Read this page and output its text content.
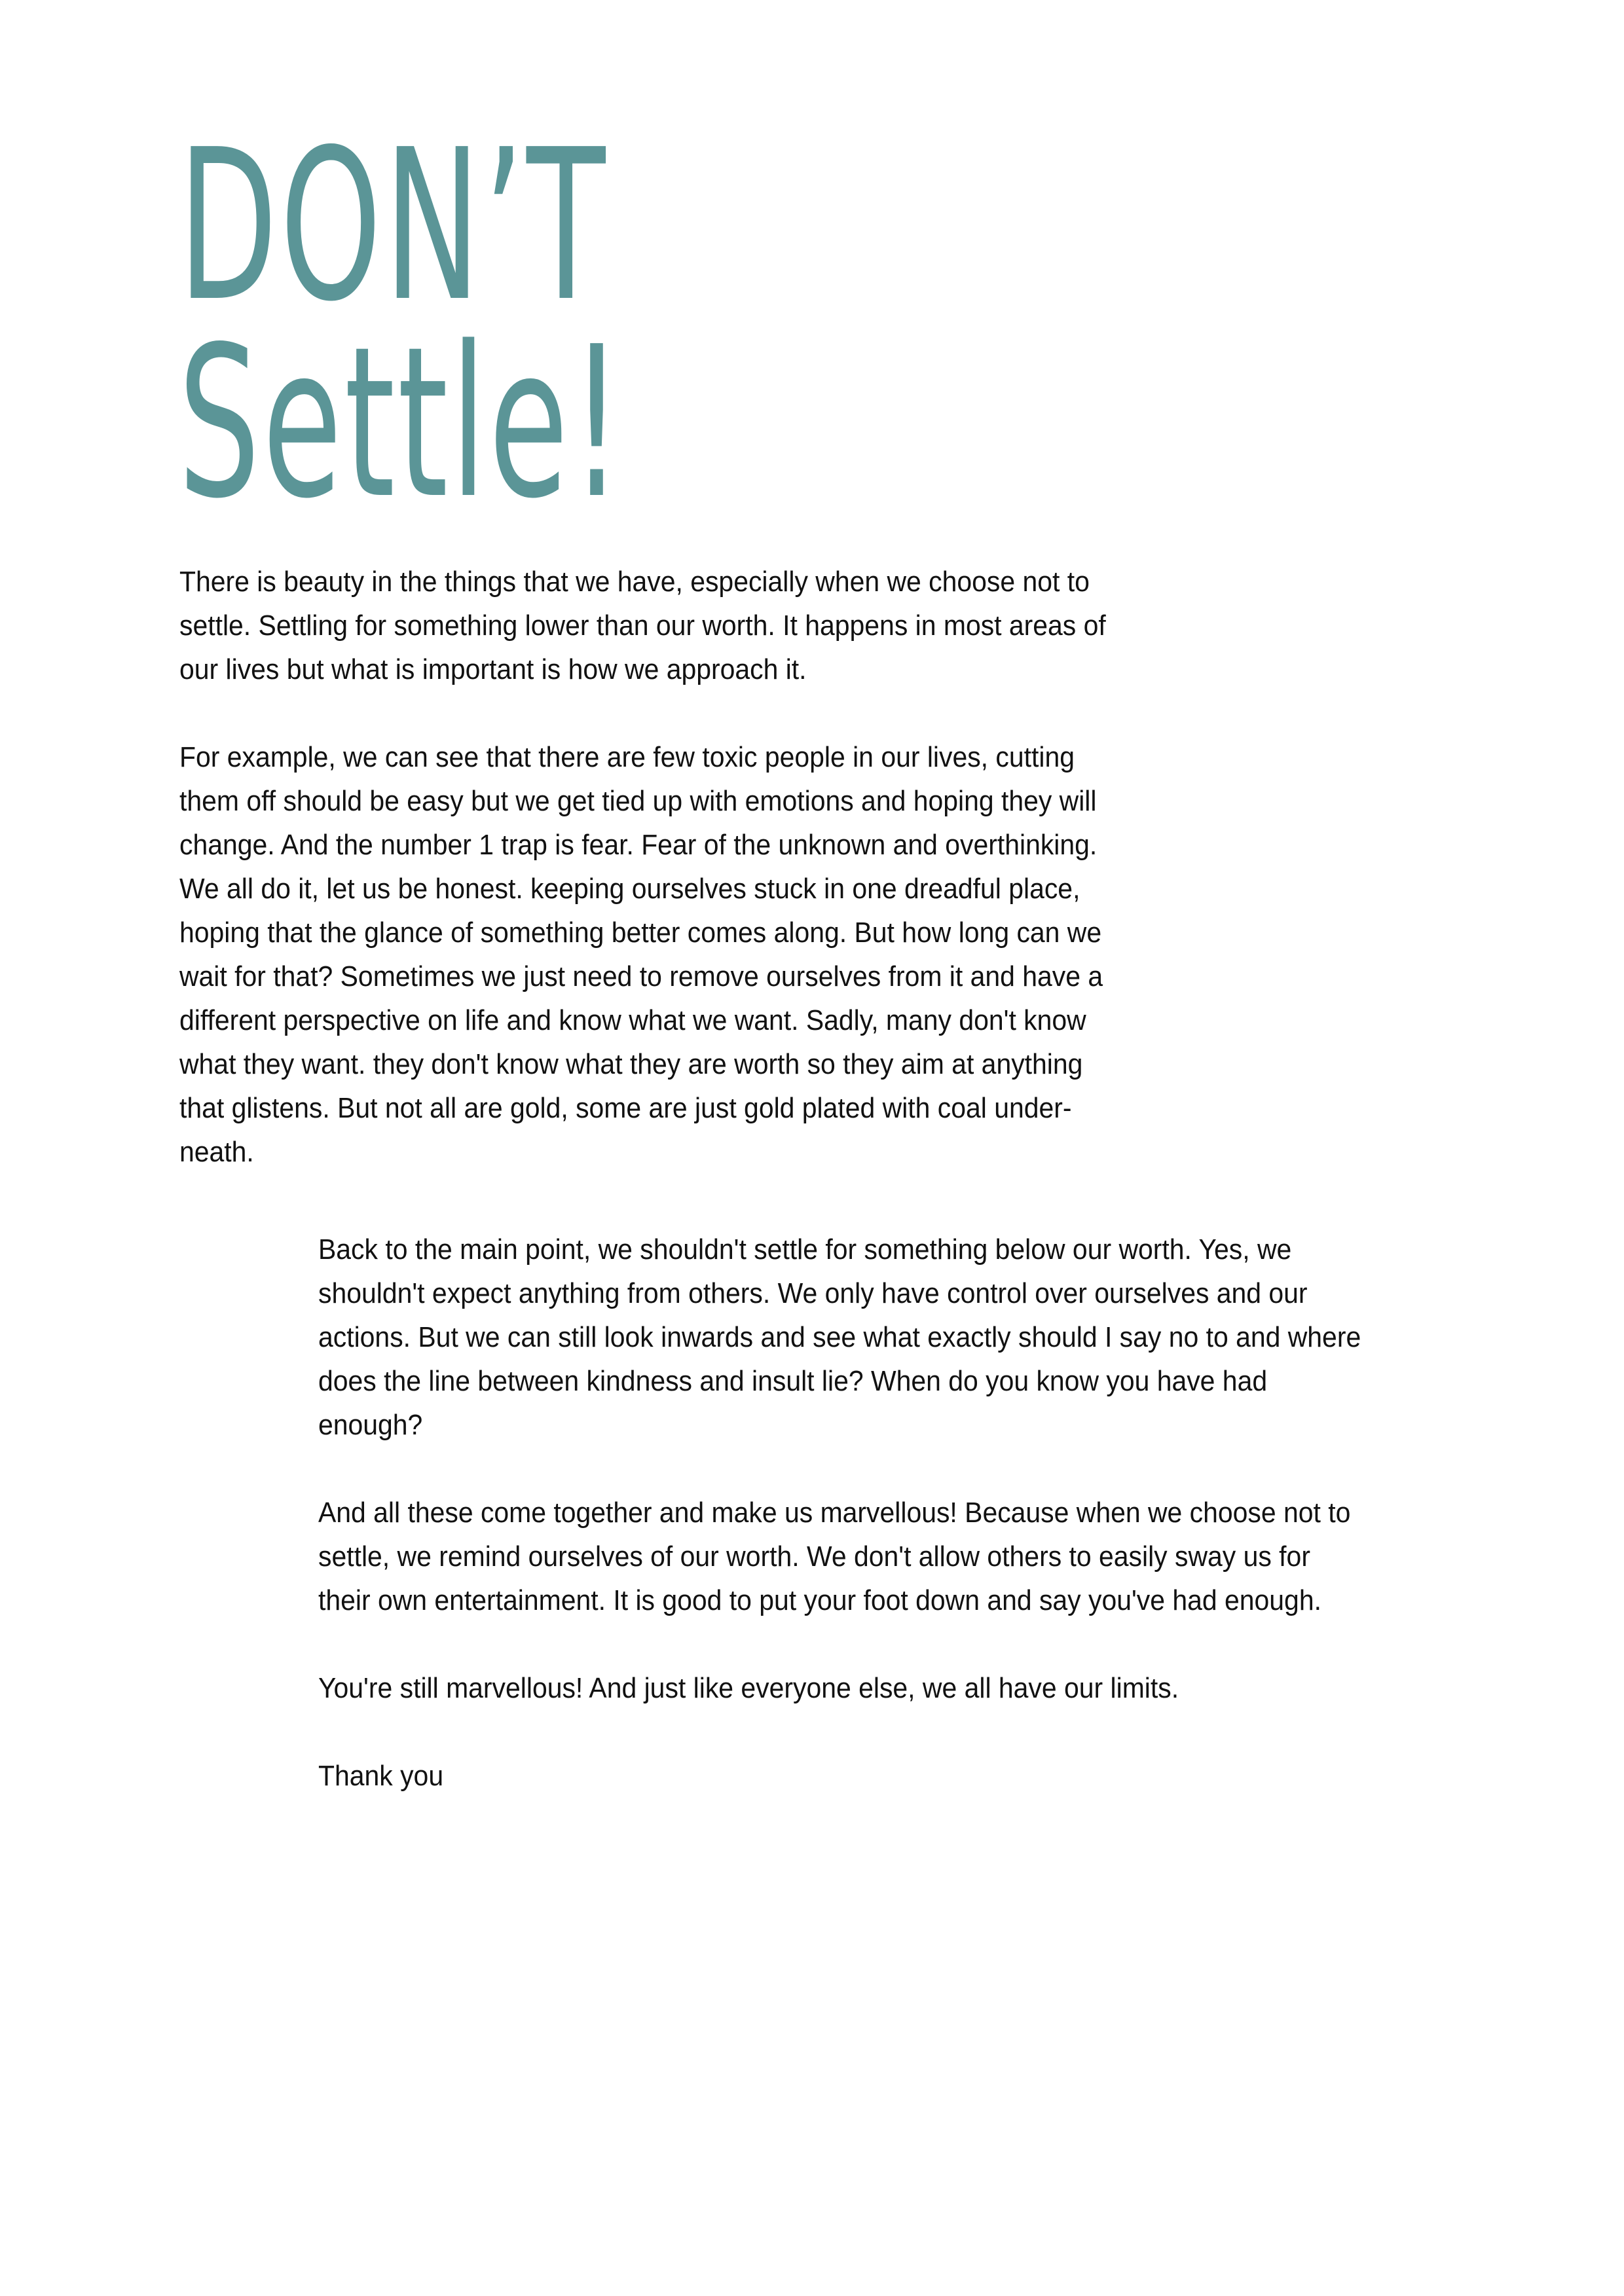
DON’T
Settle!

There is beauty in the things that we have, especially when we choose not to
settle. Settling for something lower than our worth. It happens in most areas of
our lives but what is important is how we approach it.

For example, we can see that there are few toxic people in our lives, cutting
them off should be easy but we get tied up with emotions and hoping they will
change. And the number 1 trap is fear. Fear of the unknown and overthinking.
We all do it, let us be honest. keeping ourselves stuck in one dreadful place,
hoping that the glance of something better comes along. But how long can we
wait for that? Sometimes we just need to remove ourselves from it and have a
different perspective on life and know what we want. Sadly, many don't know
what they want. they don't know what they are worth so they aim at anything
that glistens. But not all are gold, some are just gold plated with coal under-
neath.

Back to the main point, we shouldn't settle for something below our worth. Yes, we
shouldn't expect anything from others. We only have control over ourselves and our
actions. But we can still look inwards and see what exactly should I say no to and where
does the line between kindness and insult lie? When do you know you have had
enough?

And all these come together and make us marvellous! Because when we choose not to
settle, we remind ourselves of our worth. We don't allow others to easily sway us for
their own entertainment. It is good to put your foot down and say you've had enough.

You're still marvellous! And just like everyone else, we all have our limits.

Thank you
